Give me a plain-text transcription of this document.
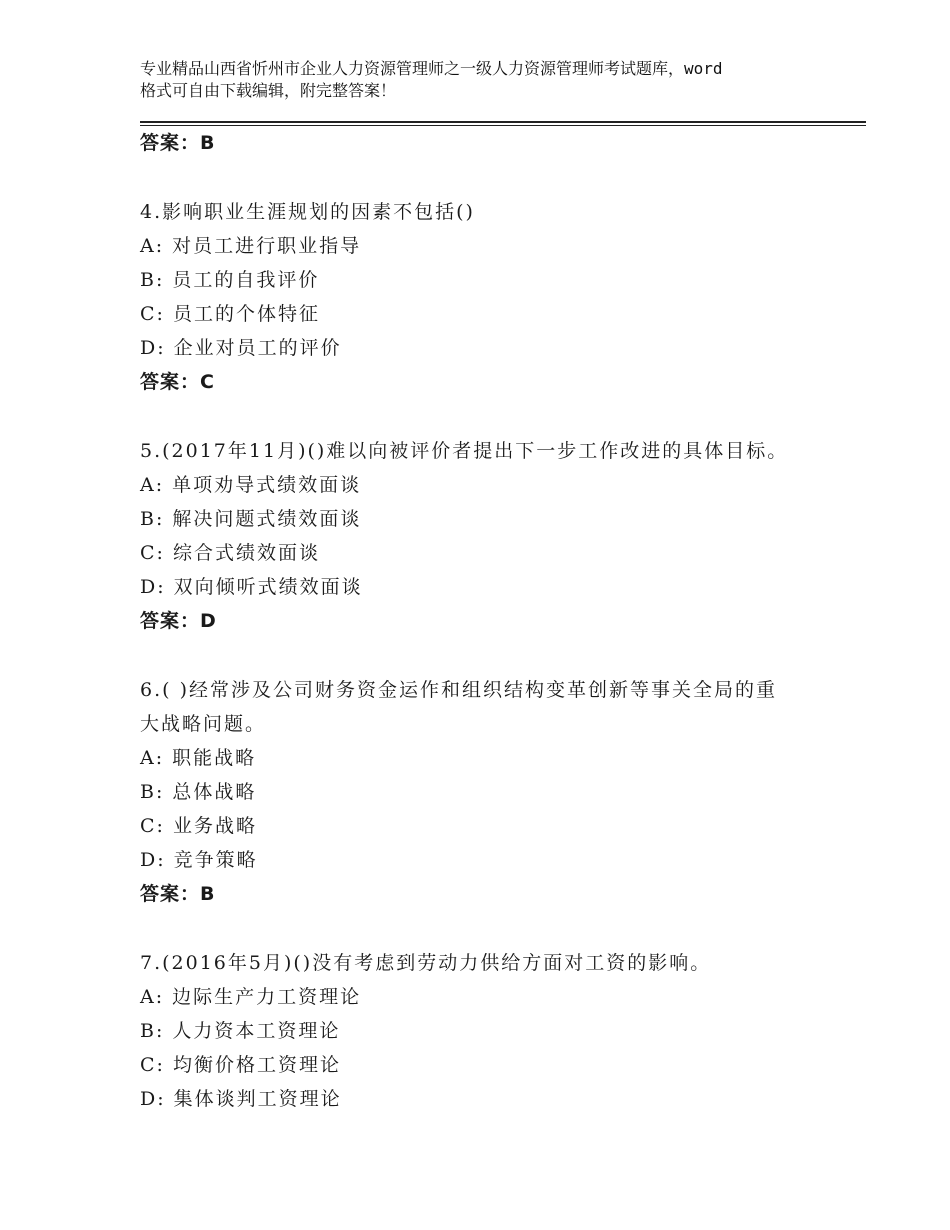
专业精品山西省忻州市企业人力资源管理师之一级人力资源管理师考试题库，word
格式可自由下载编辑，附完整答案！
答案：B
4.影响职业生涯规划的因素不包括()
A: 对员工进行职业指导
B: 员工的自我评价
C: 员工的个体特征
D: 企业对员工的评价
答案：C
5.(2017年11月)()难以向被评价者提出下一步工作改进的具体目标。
A: 单项劝导式绩效面谈
B: 解决问题式绩效面谈
C: 综合式绩效面谈
D: 双向倾听式绩效面谈
答案：D
6.( )经常涉及公司财务资金运作和组织结构变革创新等事关全局的重
大战略问题。
A: 职能战略
B: 总体战略
C: 业务战略
D: 竞争策略
答案：B
7.(2016年5月)()没有考虑到劳动力供给方面对工资的影响。
A: 边际生产力工资理论
B: 人力资本工资理论
C: 均衡价格工资理论
D: 集体谈判工资理论
